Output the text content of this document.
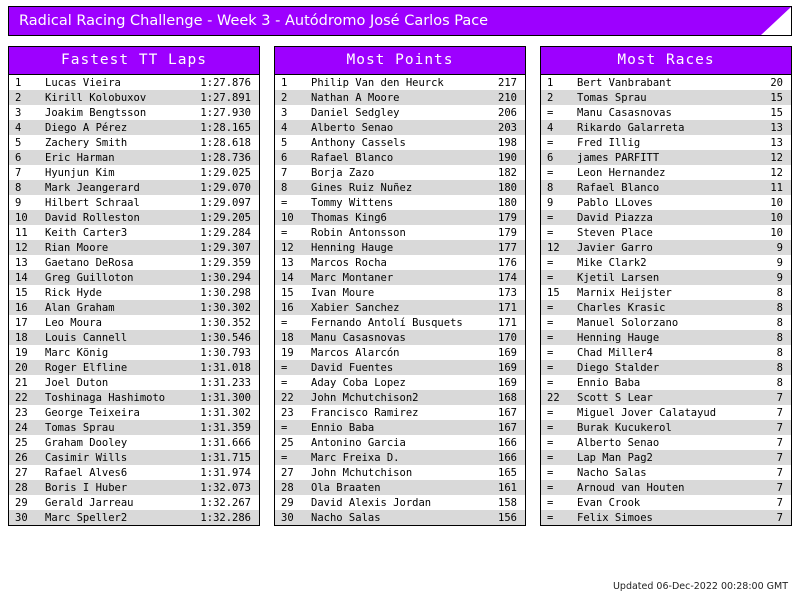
Radical Racing Challenge - Week 3 - Autódromo José Carlos Pace
Fastest TT Laps
1	Lucas Vieira	1:27.876
2	Kirill Kolobuxov	1:27.891
3	Joakim Bengtsson	1:27.930
4	Diego A Pérez	1:28.165
5	Zachery Smith	1:28.618
6	Eric Harman	1:28.736
7	Hyunjun Kim	1:29.025
8	Mark Jeangerard	1:29.070
9	Hilbert Schraal	1:29.097
10	David Rolleston	1:29.205
11	Keith Carter3	1:29.284
12	Rian Moore	1:29.307
13	Gaetano DeRosa	1:29.359
14	Greg Guilloton	1:30.294
15	Rick Hyde	1:30.298
16	Alan Graham	1:30.302
17	Leo Moura	1:30.352
18	Louis Cannell	1:30.546
19	Marc König	1:30.793
20	Roger Elfline	1:31.018
21	Joel Duton	1:31.233
22	Toshinaga Hashimoto	1:31.300
23	George Teixeira	1:31.302
24	Tomas Sprau	1:31.359
25	Graham Dooley	1:31.666
26	Casimir Wills	1:31.715
27	Rafael Alves6	1:31.974
28	Boris I Huber	1:32.073
29	Gerald Jarreau	1:32.267
30	Marc Speller2	1:32.286
Most Points
1	Philip Van den Heurck	217
2	Nathan A Moore	210
3	Daniel Sedgley	206
4	Alberto Senao	203
5	Anthony Cassels	198
6	Rafael Blanco	190
7	Borja Zazo	182
8	Gines Ruiz Nuñez	180
=	Tommy Wittens	180
10	Thomas King6	179
=	Robin Antonsson	179
12	Henning Hauge	177
13	Marcos Rocha	176
14	Marc Montaner	174
15	Ivan Moure	173
16	Xabier Sanchez	171
=	Fernando Antolí Busquets	171
18	Manu Casasnovas	170
19	Marcos Alarcón	169
=	David Fuentes	169
=	Aday Coba Lopez	169
22	John Mchutchison2	168
23	Francisco Ramirez	167
=	Ennio Baba	167
25	Antonino Garcia	166
=	Marc Freixa D.	166
27	John Mchutchison	165
28	Ola Braaten	161
29	David Alexis Jordan	158
30	Nacho Salas	156
Most Races
1	Bert Vanbrabant	20
2	Tomas Sprau	15
=	Manu Casasnovas	15
4	Rikardo Galarreta	13
=	Fred Illig	13
6	james PARFITT	12
=	Leon Hernandez	12
8	Rafael Blanco	11
9	Pablo LLoves	10
=	David Piazza	10
=	Steven Place	10
12	Javier Garro	9
=	Mike Clark2	9
=	Kjetil Larsen	9
15	Marnix Heijster	8
=	Charles Krasic	8
=	Manuel Solorzano	8
=	Henning Hauge	8
=	Chad Miller4	8
=	Diego Stalder	8
=	Ennio Baba	8
22	Scott S Lear	7
=	Miguel Jover Calatayud	7
=	Burak Kucukerol	7
=	Alberto Senao	7
=	Lap Man Pag2	7
=	Nacho Salas	7
=	Arnoud van Houten	7
=	Evan Crook	7
=	Felix Simoes	7
Updated 06-Dec-2022 00:28:00 GMT
